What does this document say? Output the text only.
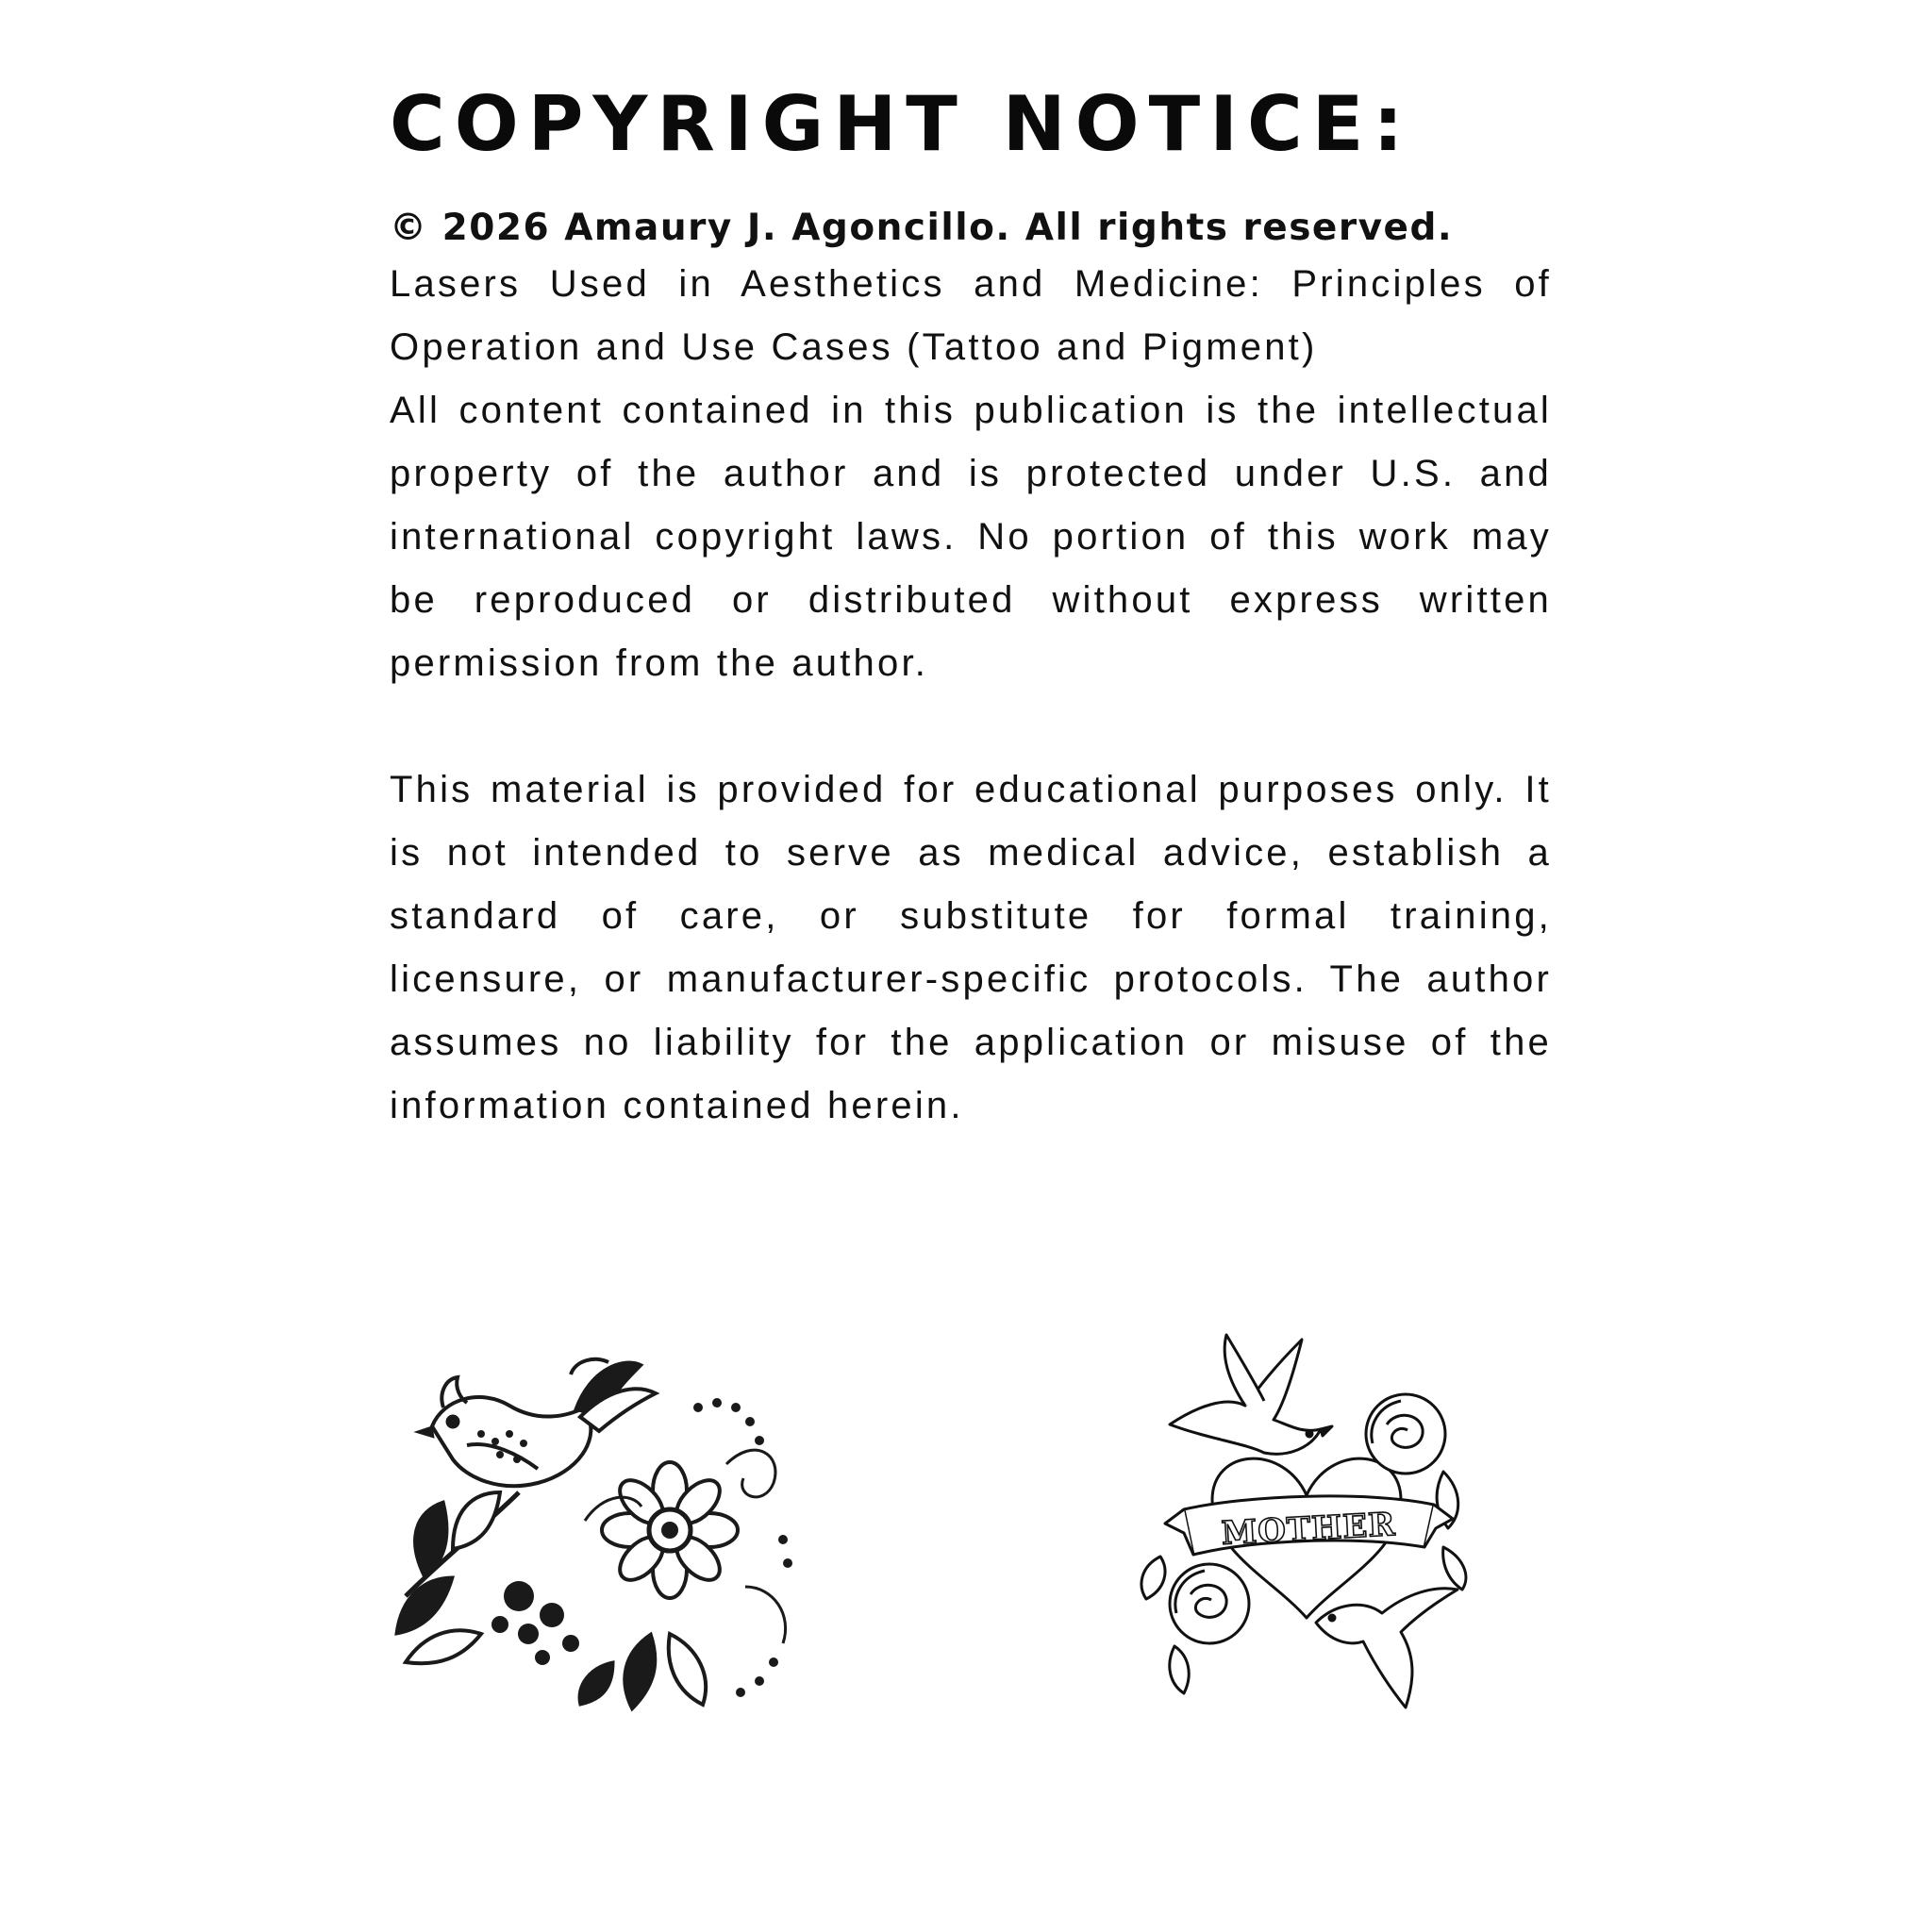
COPYRIGHT NOTICE:

© 2026 Amaury J. Agoncillo. All rights reserved.

Lasers Used in Aesthetics and Medicine: Principles of Operation and Use Cases (Tattoo and Pigment)

All content contained in this publication is the intellectual property of the author and is protected under U.S. and international copyright laws. No portion of this work may be reproduced or distributed without express written permission from the author.

This material is provided for educational purposes only. It is not intended to serve as medical advice, establish a standard of care, or substitute for formal training, licensure, or manufacturer-specific protocols. The author assumes no liability for the application or misuse of the information contained herein.

MOTHER
